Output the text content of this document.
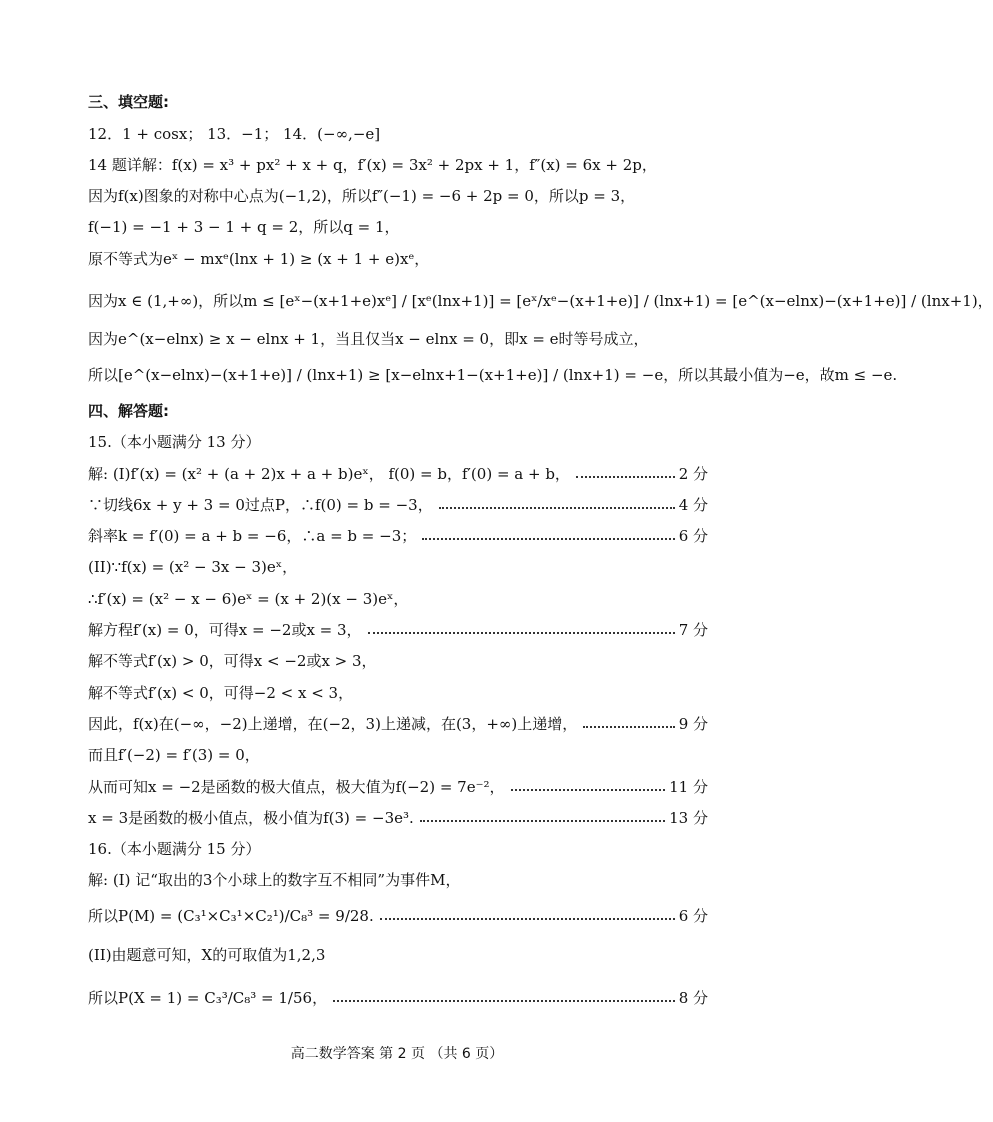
三、填空题:
12．1 + cosx； 13．−1； 14．(−∞,−e]
14 题详解：f(x) = x³ + px² + x + q，f′(x) = 3x² + 2px + 1，f″(x) = 6x + 2p，
因为f(x)图象的对称中心点为(−1,2)，所以f″(−1) = −6 + 2p = 0，所以p = 3，
f(−1) = −1 + 3 − 1 + q = 2，所以q = 1，
原不等式为eˣ − mxᵉ(lnx + 1) ≥ (x + 1 + e)xᵉ，
因为x ∈ (1,+∞)，所以m ≤ [eˣ−(x+1+e)xᵉ] / [xᵉ(lnx+1)] = [eˣ/xᵉ−(x+1+e)] / (lnx+1) = [e^(x−elnx)−(x+1+e)] / (lnx+1)，
因为e^(x−elnx) ≥ x − elnx + 1，当且仅当x − elnx = 0，即x = e时等号成立，
所以[e^(x−elnx)−(x+1+e)] / (lnx+1) ≥ [x−elnx+1−(x+1+e)] / (lnx+1) = −e，所以其最小值为−e，故m ≤ −e.
四、解答题:
15.（本小题满分 13 分）
解: (I)f′(x) = (x² + (a + 2)x + a + b)eˣ， f(0) = b，f′(0) = a + b，	2 分
∵切线6x + y + 3 = 0过点P，∴f(0) = b = −3，	4 分
斜率k = f′(0) = a + b = −6，∴a = b = −3；	6 分
(II)∵f(x) = (x² − 3x − 3)eˣ，
∴f′(x) = (x² − x − 6)eˣ = (x + 2)(x − 3)eˣ，
解方程f′(x) = 0，可得x = −2或x = 3，	7 分
解不等式f′(x) > 0，可得x < −2或x > 3，
解不等式f′(x) < 0，可得−2 < x < 3，
因此，f(x)在(−∞，−2)上递增，在(−2，3)上递减，在(3，+∞)上递增，	9 分
而且f′(−2) = f′(3) = 0，
从而可知x = −2是函数的极大值点，极大值为f(−2) = 7e⁻²，	11 分
x = 3是函数的极小值点，极小值为f(3) = −3e³.	13 分
16.（本小题满分 15 分）
解: (I) 记“取出的3个小球上的数字互不相同”为事件M，
所以P(M) = (C₃¹×C₃¹×C₂¹)/C₈³ = 9/28.	6 分
(II)由题意可知，X的可取值为1,2,3
所以P(X = 1) = C₃³/C₈³ = 1/56，	8 分
高二数学答案 第 2 页 （共 6 页）
